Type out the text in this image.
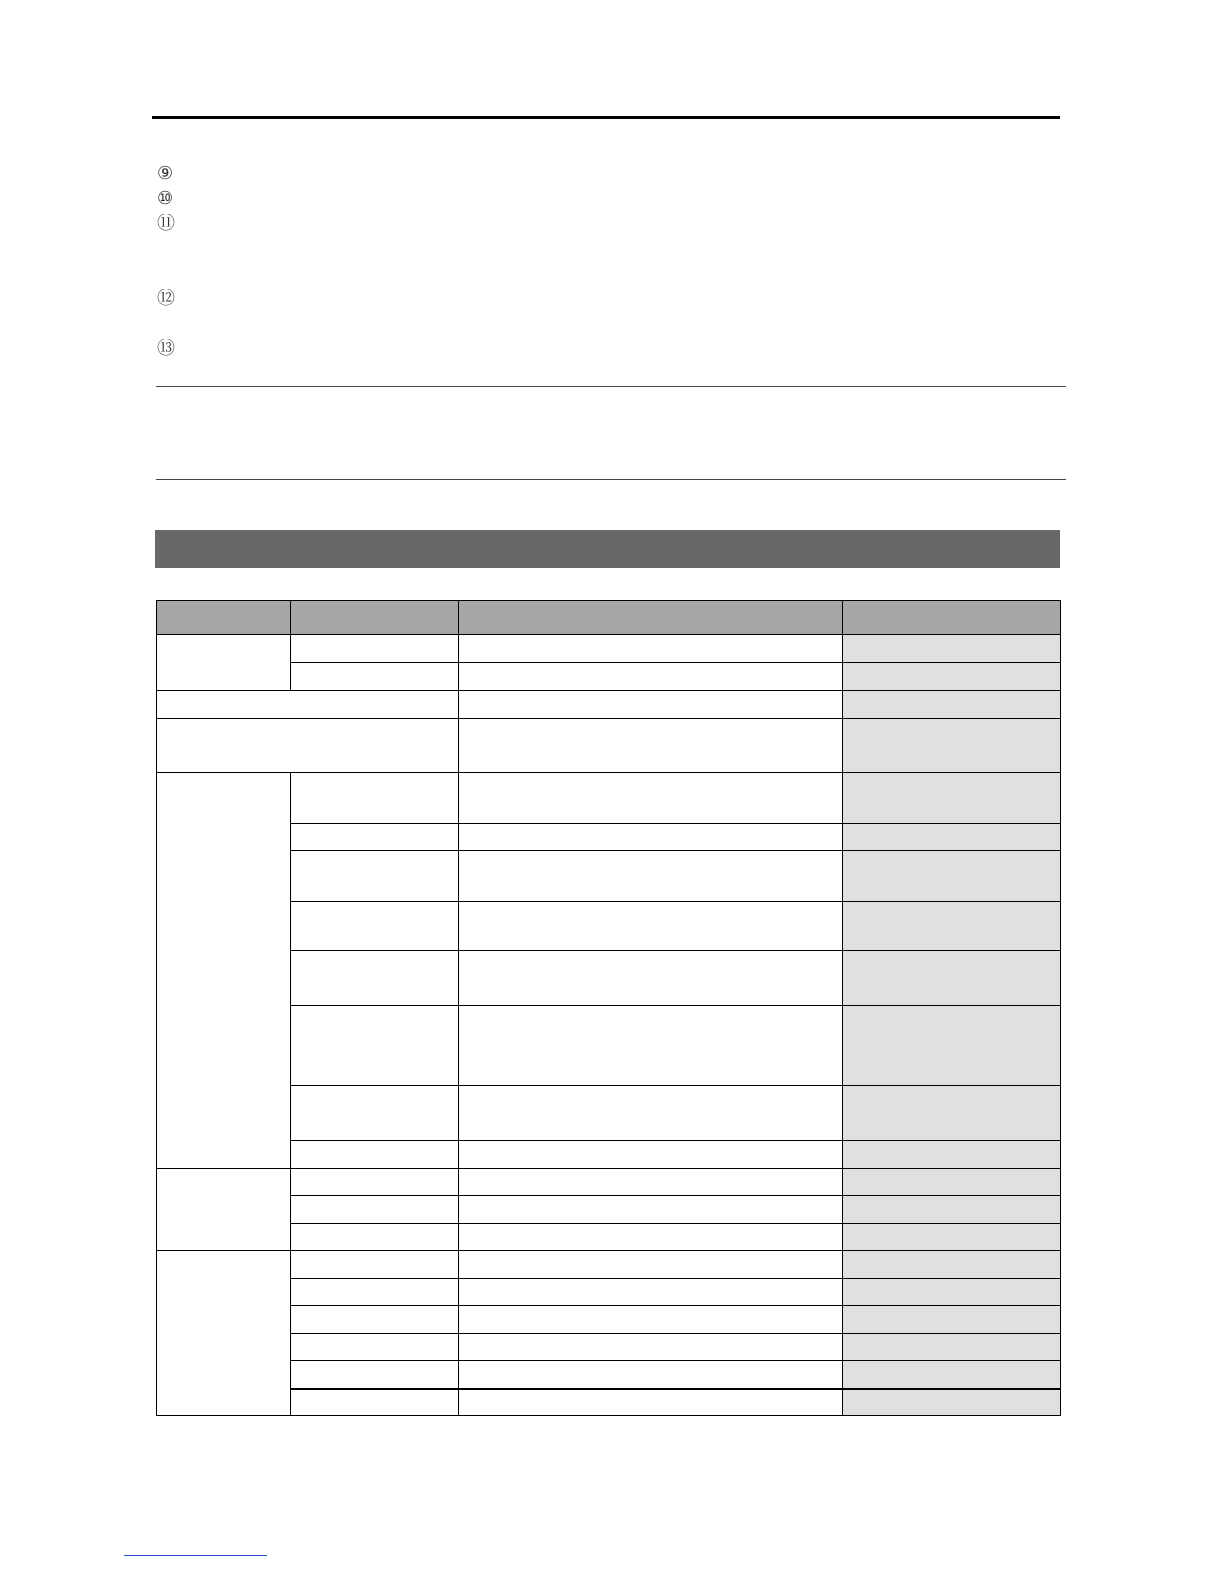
⑨
⑩
⑪
⑫
⑬
